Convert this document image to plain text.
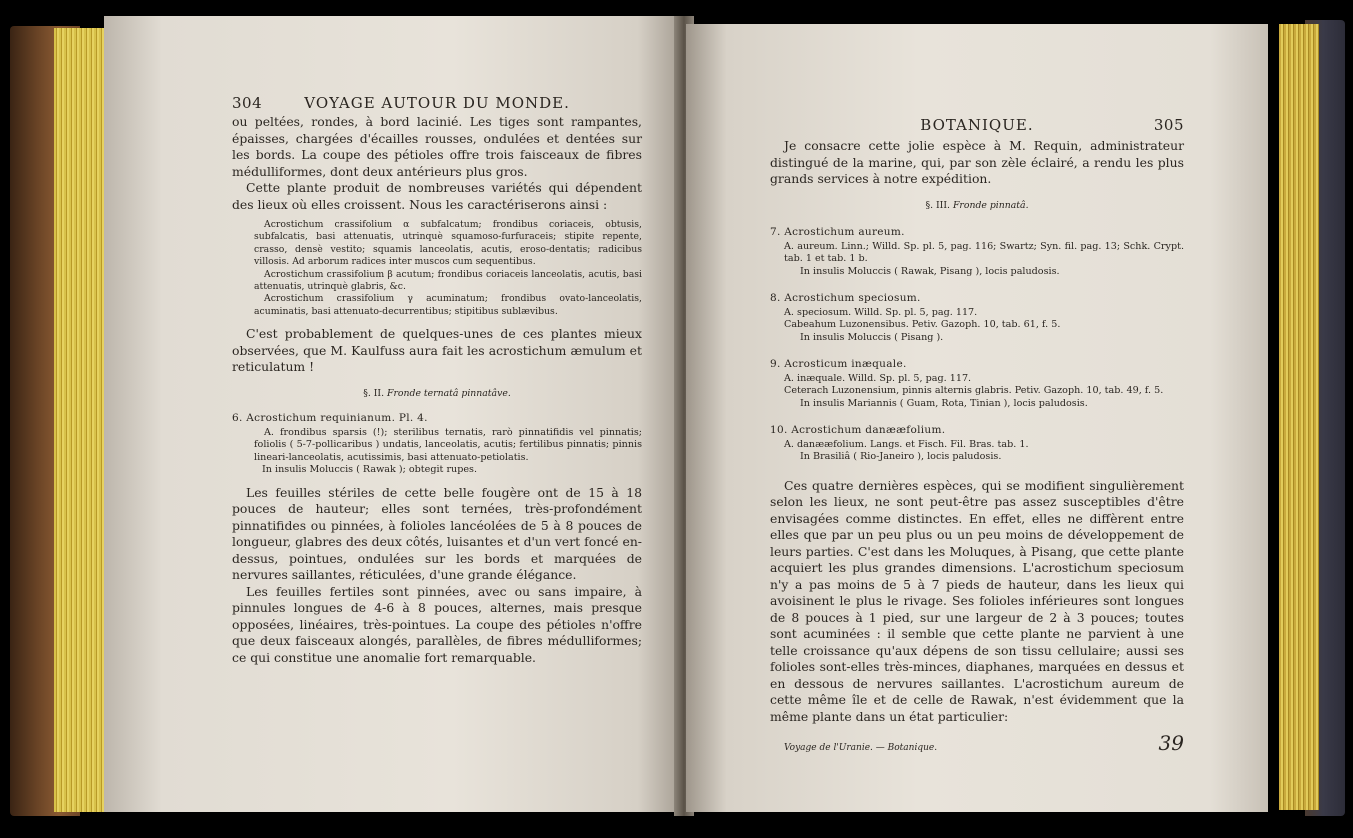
304	VOYAGE AUTOUR DU MONDE.

ou peltées, rondes, à bord lacinié. Les tiges sont rampantes, épaisses, chargées d'écailles rousses, ondulées et dentées sur les bords. La coupe des pétioles offre trois faisceaux de fibres médulliformes, dont deux antérieurs plus gros.

Cette plante produit de nombreuses variétés qui dépendent des lieux où elles croissent. Nous les caractériserons ainsi :

Acrostichum crassifolium α subfalcatum; frondibus coriaceis, obtusis, subfalcatis, basi attenuatis, utrinquè squamoso-furfuraceis; stipite repente, crasso, densè vestito; squamis lanceolatis, acutis, eroso-dentatis; radicibus villosis. Ad arborum radices inter muscos cum sequentibus.
Acrostichum crassifolium β acutum; frondibus coriaceis lanceolatis, acutis, basi attenuatis, utrinquè glabris, &c.
Acrostichum crassifolium γ acuminatum; frondibus ovato-lanceolatis, acuminatis, basi attenuato-decurrentibus; stipitibus sublævibus.

C'est probablement de quelques-unes de ces plantes mieux observées, que M. Kaulfuss aura fait les acrostichum æmulum et reticulatum !

§. II. Fronde ternatâ pinnatâve.

6. Acrostichum requinianum. Pl. 4.

A. frondibus sparsis (!); sterilibus ternatis, rarò pinnatifidis vel pinnatis; foliolis ( 5-7-pollicaribus ) undatis, lanceolatis, acutis; fertilibus pinnatis; pinnis lineari-lanceolatis, acutissimis, basi attenuato-petiolatis.

In insulis Moluccis ( Rawak ); obtegit rupes.

Les feuilles stériles de cette belle fougère ont de 15 à 18 pouces de hauteur; elles sont ternées, très-profondément pinnatifides ou pinnées, à folioles lancéolées de 5 à 8 pouces de longueur, glabres des deux côtés, luisantes et d'un vert foncé en-dessus, pointues, ondulées sur les bords et marquées de nervures saillantes, réticulées, d'une grande élégance.

Les feuilles fertiles sont pinnées, avec ou sans impaire, à pinnules longues de 4-6 à 8 pouces, alternes, mais presque opposées, linéaires, très-pointues. La coupe des pétioles n'offre que deux faisceaux alongés, parallèles, de fibres médulliformes; ce qui constitue une anomalie fort remarquable.

BOTANIQUE.	305

Je consacre cette jolie espèce à M. Requin, administrateur distingué de la marine, qui, par son zèle éclairé, a rendu les plus grands services à notre expédition.

§. III. Fronde pinnatâ.

7. Acrostichum aureum.

A. aureum. Linn.; Willd. Sp. pl. 5, pag. 116; Swartz; Syn. fil. pag. 13; Schk. Crypt. tab. 1 et tab. 1 b.

In insulis Moluccis ( Rawak, Pisang ), locis paludosis.

8. Acrostichum speciosum.

A. speciosum. Willd. Sp. pl. 5, pag. 117.

Cabeahum Luzonensibus. Petiv. Gazoph. 10, tab. 61, f. 5.

In insulis Moluccis ( Pisang ).

9. Acrosticum inæquale.

A. inæquale. Willd. Sp. pl. 5, pag. 117.

Ceterach Luzonensium, pinnis alternis glabris. Petiv. Gazoph. 10, tab. 49, f. 5.

In insulis Mariannis ( Guam, Rota, Tinian ), locis paludosis.

10. Acrostichum danææfolium.

A. danææfolium. Langs. et Fisch. Fil. Bras. tab. 1.

In Brasiliâ ( Rio-Janeiro ), locis paludosis.

Ces quatre dernières espèces, qui se modifient singulièrement selon les lieux, ne sont peut-être pas assez susceptibles d'être envisagées comme distinctes. En effet, elles ne diffèrent entre elles que par un peu plus ou un peu moins de développement de leurs parties. C'est dans les Moluques, à Pisang, que cette plante acquiert les plus grandes dimensions. L'acrostichum speciosum n'y a pas moins de 5 à 7 pieds de hauteur, dans les lieux qui avoisinent le plus le rivage. Ses folioles inférieures sont longues de 8 pouces à 1 pied, sur une largeur de 2 à 3 pouces; toutes sont acuminées : il semble que cette plante ne parvient à une telle croissance qu'aux dépens de son tissu cellulaire; aussi ses folioles sont-elles très-minces, diaphanes, marquées en dessus et en dessous de nervures saillantes. L'acrostichum aureum de cette même île et de celle de Rawak, n'est évidemment que la même plante dans un état particulier:

Voyage de l'Uranie. — Botanique.	39
